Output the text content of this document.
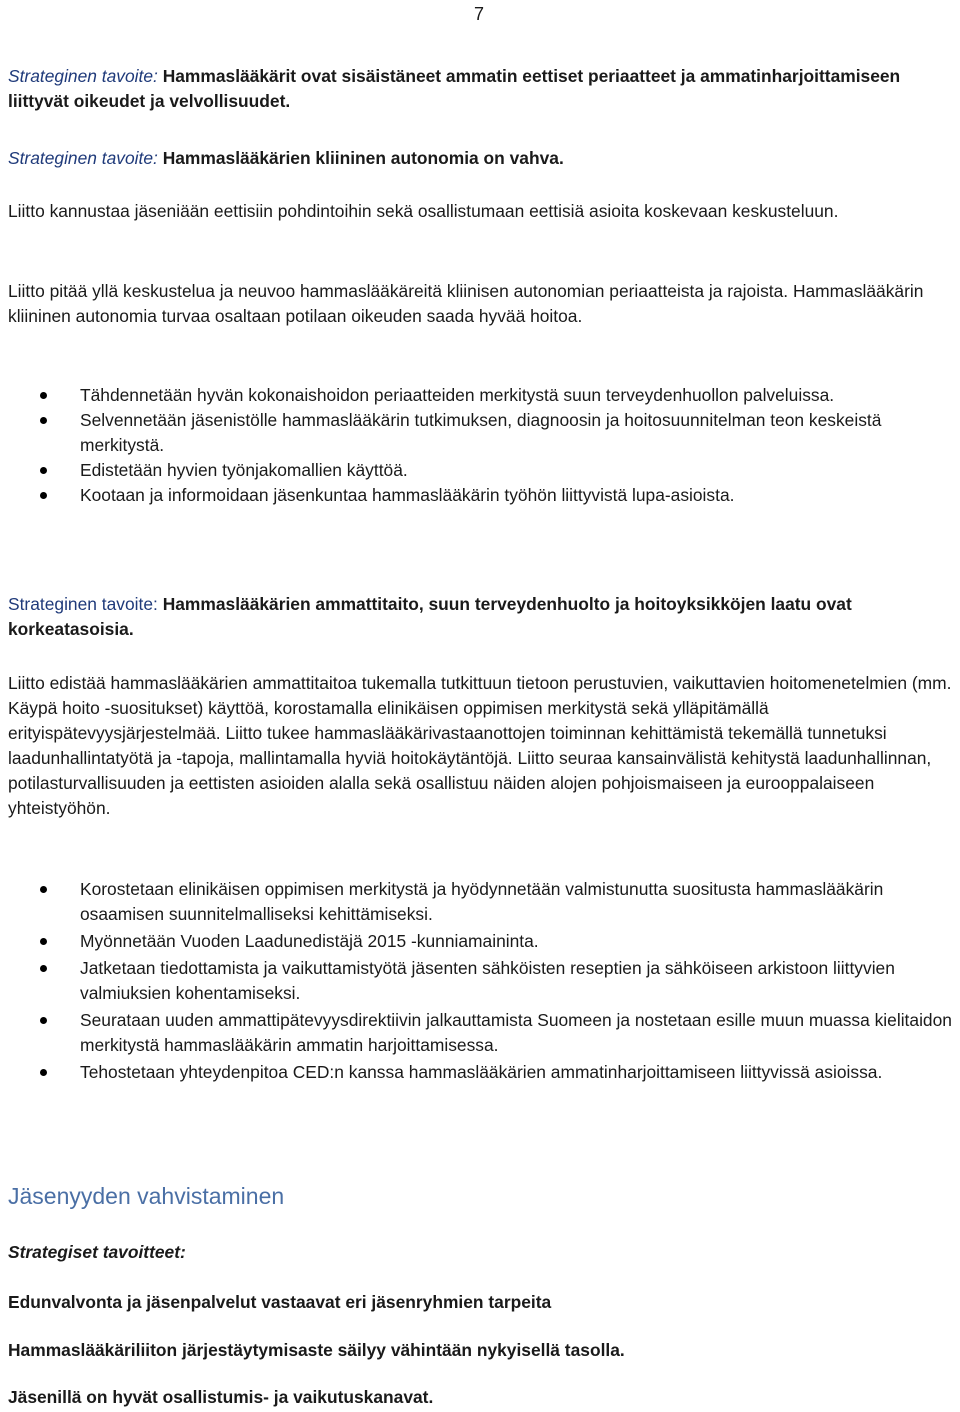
7

Strateginen tavoite: Hammaslääkärit ovat sisäistäneet ammatin eettiset periaatteet ja ammatinharjoittamiseen liittyvät oikeudet ja velvollisuudet.

Strateginen tavoite: Hammaslääkärien kliininen autonomia on vahva.

Liitto kannustaa jäseniään eettisiin pohdintoihin sekä osallistumaan eettisiä asioita koskevaan keskusteluun.

Liitto pitää yllä keskustelua ja neuvoo hammaslääkäreitä kliinisen autonomian periaatteista ja rajoista. Hammaslääkärin kliininen autonomia turvaa osaltaan potilaan oikeuden saada hyvää hoitoa.

Tähdennetään hyvän kokonaishoidon periaatteiden merkitystä suun terveydenhuollon palveluissa.
Selvennetään jäsenistölle hammaslääkärin tutkimuksen, diagnoosin ja hoitosuunnitelman teon keskeistä merkitystä.
Edistetään hyvien työnjakomallien käyttöä.
Kootaan ja informoidaan jäsenkuntaa hammaslääkärin työhön liittyvistä lupa-asioista.

Strateginen tavoite: Hammaslääkärien ammattitaito, suun terveydenhuolto ja hoitoyksikköjen laatu ovat korkeatasoisia.

Liitto edistää hammaslääkärien ammattitaitoa tukemalla tutkittuun tietoon perustuvien, vaikuttavien hoitomenetelmien (mm. Käypä hoito -suositukset) käyttöä, korostamalla elinikäisen oppimisen merkitystä sekä ylläpitämällä erityispätevyysjärjestelmää. Liitto tukee hammaslääkärivastaanottojen toiminnan kehittämistä tekemällä tunnetuksi laadunhallintatyötä ja -tapoja, mallintamalla hyviä hoitokäytäntöjä. Liitto seuraa kansainvälistä kehitystä laadunhallinnan, potilasturvallisuuden ja eettisten asioiden alalla sekä osallistuu näiden alojen pohjoismaiseen ja eurooppalaiseen yhteistyöhön.

Korostetaan elinikäisen oppimisen merkitystä ja hyödynnetään valmistunutta suositusta hammaslääkärin osaamisen suunnitelmalliseksi kehittämiseksi.
Myönnetään Vuoden Laadunedistäjä 2015 -kunniamaininta.
Jatketaan tiedottamista ja vaikuttamistyötä jäsenten sähköisten reseptien ja sähköiseen arkistoon liittyvien valmiuksien kohentamiseksi.
Seurataan uuden ammattipätevyysdirektiivin jalkauttamista Suomeen ja nostetaan esille muun muassa kielitaidon merkitystä hammaslääkärin ammatin harjoittamisessa.
Tehostetaan yhteydenpitoa CED:n kanssa hammaslääkärien ammatinharjoittamiseen liittyvissä asioissa.
Jäsenyyden vahvistaminen

Strategiset tavoitteet:

Edunvalvonta ja jäsenpalvelut vastaavat eri jäsenryhmien tarpeita

Hammaslääkäriliiton järjestäytymisaste säilyy vähintään nykyisellä tasolla.

Jäsenillä on hyvät osallistumis- ja vaikutuskanavat.
